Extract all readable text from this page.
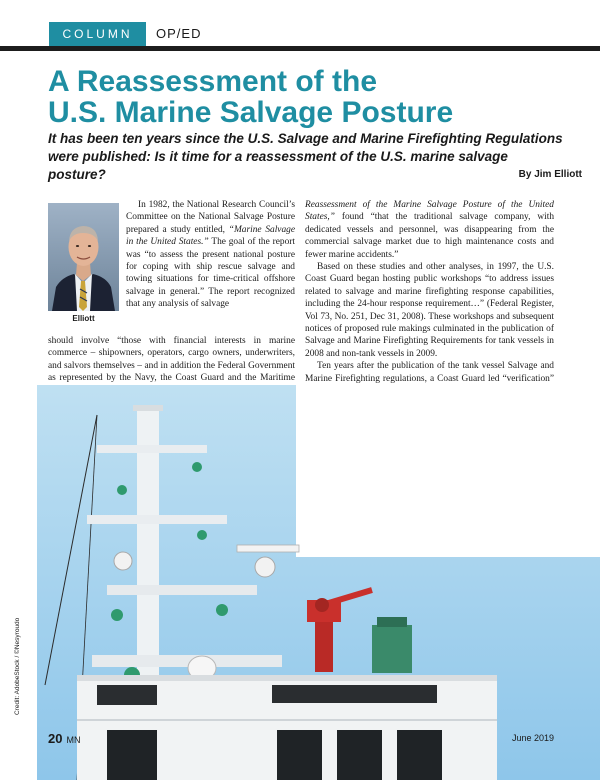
COLUMN	OP/ED
A Reassessment of the
U.S. Marine Salvage Posture
It has been ten years since the U.S. Salvage and Marine Firefighting Regulations were published: Is it time for a reassessment of the U.S. marine salvage posture?	By Jim Elliott
Elliott

In 1982, the National Research Council’s Committee on the National Salvage Posture prepared a study entitled, “Marine Salvage in the United States.” The goal of the report was “to assess the present national posture for coping with ship rescue salvage and towing situations for time-critical offshore salvage in general.” The report recognized that any analysis of salvage

should involve “those with financial interests in marine commerce – shipowners, operators, cargo owners, underwriters, and salvors themselves – and in addition the Federal Government as represented by the Navy, the Coast Guard and the Maritime

Reassessment of the Marine Salvage Posture of the United States,” found “that the traditional salvage company, with dedicated vessels and personnel, was disappearing from the commercial salvage market due to high maintenance costs and fewer marine accidents.”

Based on these studies and other analyses, in 1997, the U.S. Coast Guard began hosting public workshops “to address issues related to salvage and marine firefighting response capabilities, including the 24-hour response requirement…” (Federal Register, Vol 73, No. 251, Dec 31, 2008). These workshops and subsequent notices of proposed rule makings culminated in the publication of Salvage and Marine Firefighting Requirements for tank vessels in 2008 and non-tank vessels in 2009.

Ten years after the publication of the tank vessel Salvage and Marine Firefighting regulations, a Coast Guard led “verification”

Credit: AdobeStock / ©Nesyroudo
20 MN	June 2019
